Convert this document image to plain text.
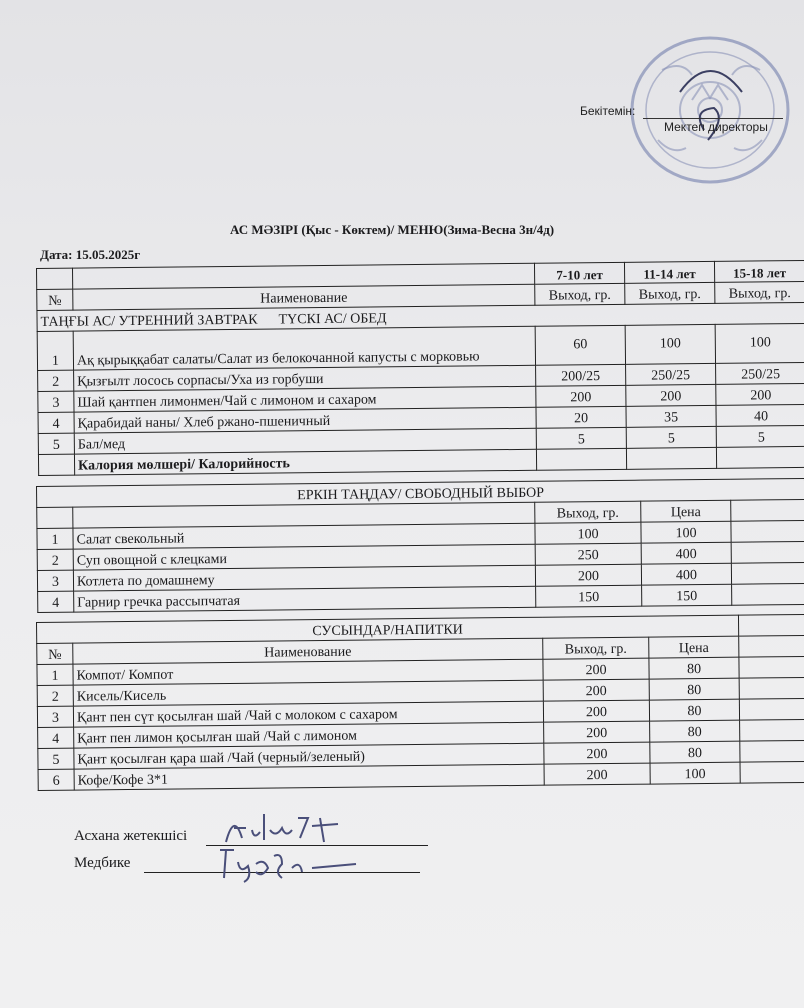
Бекітемін:
Мектеп директоры
АС МӘЗІРІ (Қыс - Көктем)/ МЕНЮ(Зима-Весна 3н/4д)
Дата: 15.05.2025г
		7-10 лет	11-14 лет	15-18 лет
№	Наименование	Выход, гр.	Выход, гр.	Выход, гр.
ТАҢҒЫ АС/ УТРЕННИЙ ЗАВТРАК      ТҮСКІ АС/ ОБЕД				
1	Ақ қырыққабат салаты/Салат из белокочанной капусты с морковью	60	100	100
2	Қызғылт лосось сорпасы/Уха из горбуши	200/25	250/25	250/25
3	Шай қантпен лимонмен/Чай с лимоном и сахаром	200	200	200
4	Қарабидай наны/ Хлеб ржано-пшеничный	20	35	40
5	Бал/мед	5	5	5
	Калория мөлшері/ Калорийность			
ЕРКІН ТАҢДАУ/ СВОБОДНЫЙ ВЫБОР				
		Выход, гр.	Цена	
1	Салат свекольный	100	100	
2	Суп овощной с клецками	250	400	
3	Котлета по домашнему	200	400	
4	Гарнир гречка рассыпчатая	150	150	
СУСЫНДАР/НАПИТКИ				
№	Наименование	Выход, гр.	Цена	
1	Компот/ Компот	200	80	
2	Кисель/Кисель	200	80	
3	Қант пен сүт қосылған шай /Чай с молоком с сахаром	200	80	
4	Қант пен лимон қосылған шай /Чай с лимоном	200	80	
5	Қант қосылған қара шай /Чай (черный/зеленый)	200	80	
6	Кофе/Кофе 3*1	200	100	
Асхана жетекшісі
Медбике
